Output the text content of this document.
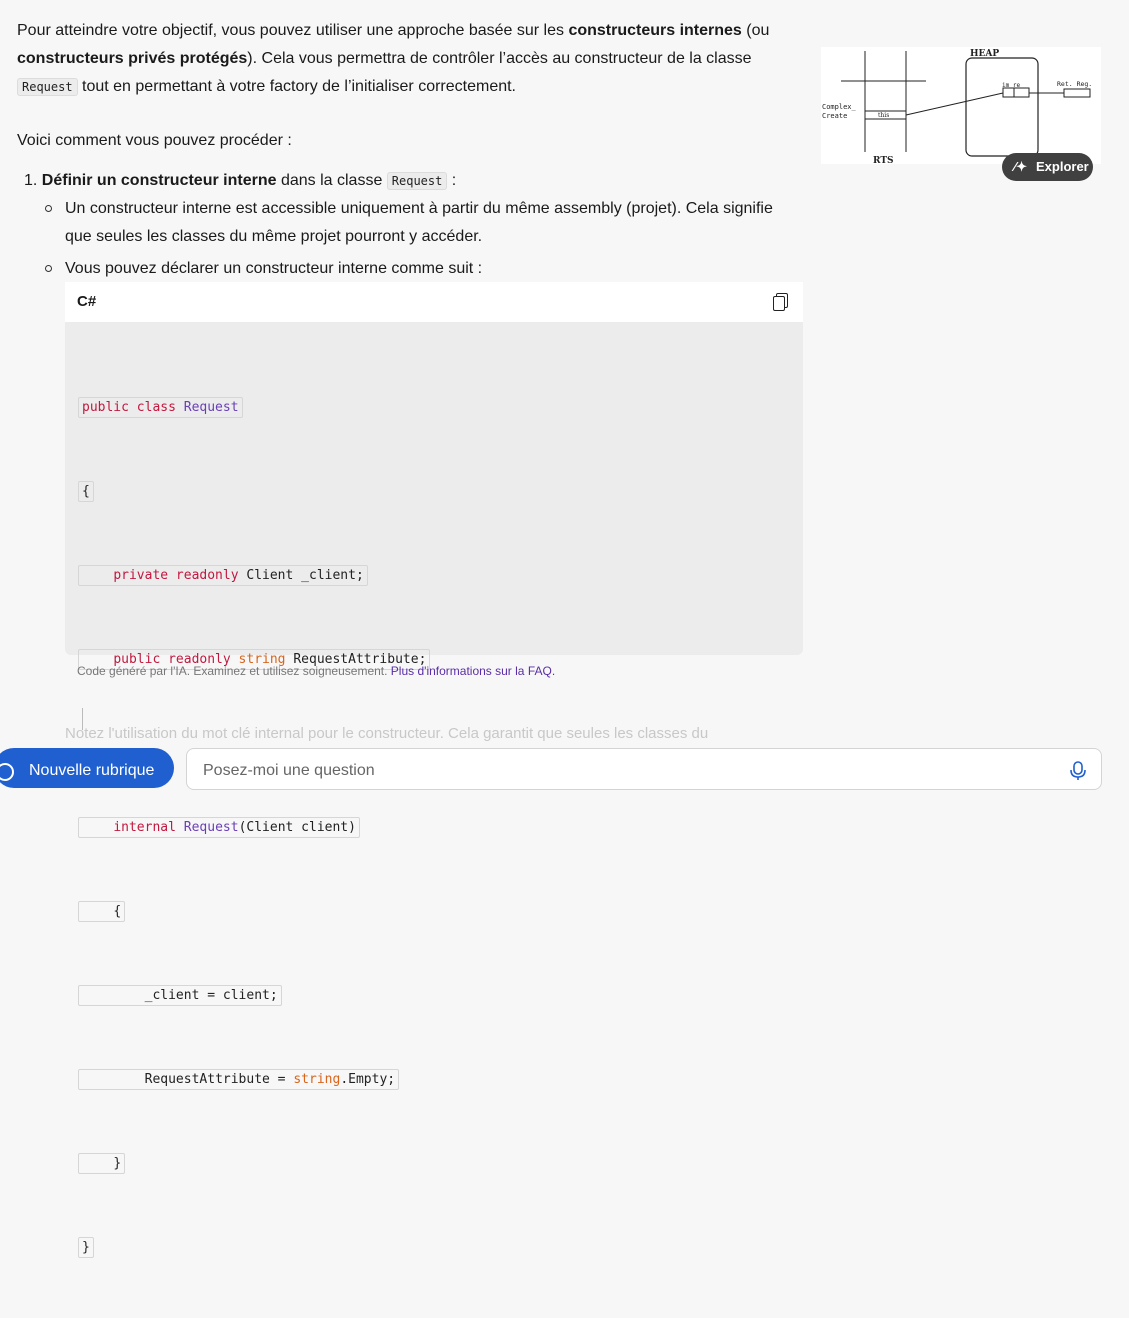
Pour atteindre votre objectif, vous pouvez utiliser une approche basée sur les constructeurs internes (ou constructeurs privés protégés). Cela vous permettra de contrôler l’accès au constructeur de la classe
Request tout en permettant à votre factory de l’initialiser correctement.

Voici comment vous pouvez procéder :

1. Définir un constructeur interne dans la classe Request :

Un constructeur interne est accessible uniquement à partir du même assembly (projet). Cela signifie que seules les classes du même projet pourront y accéder.
Vous pouvez déclarer un constructeur interne comme suit :
C#

public class Request

{

private readonly Client _client;

public readonly string RequestAttribute;

internal Request(Client client)

{

_client = client;

RequestAttribute = string.Empty;

}

}

Code généré par l'IA. Examinez et utilisez soigneusement. Plus d'informations sur la FAQ.
Notez l'utilisation du mot clé internal pour le constructeur. Cela garantit que seules les classes du
this
Complex_
Create
HEAP
im re	Ret. Reg.
RTS	⁄✦ Explorer
Nouvelle rubrique
Posez-moi une question
